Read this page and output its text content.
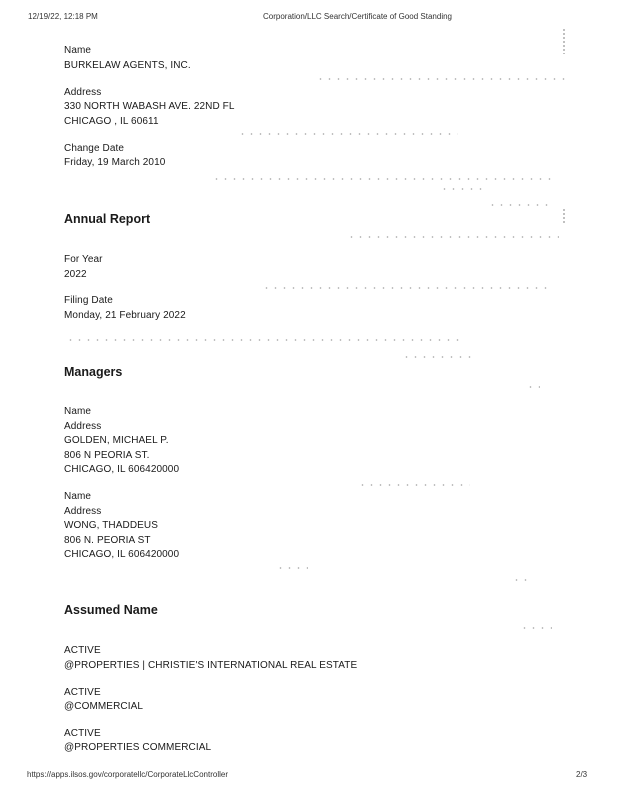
12/19/22, 12:18 PM	Corporation/LLC Search/Certificate of Good Standing
Name
BURKELAW AGENTS, INC.
Address
330 NORTH WABASH AVE. 22ND FL
CHICAGO , IL 60611
Change Date
Friday, 19 March 2010
Annual Report
For Year
2022
Filing Date
Monday, 21 February 2022
Managers
Name
Address
GOLDEN, MICHAEL P.
806 N PEORIA ST.
CHICAGO, IL 606420000
Name
Address
WONG, THADDEUS
806 N. PEORIA ST
CHICAGO, IL 606420000
Assumed Name
ACTIVE
@PROPERTIES | CHRISTIE'S INTERNATIONAL REAL ESTATE
ACTIVE
@COMMERCIAL
ACTIVE
@PROPERTIES COMMERCIAL
https://apps.ilsos.gov/corporatellc/CorporateLlcController	2/3
